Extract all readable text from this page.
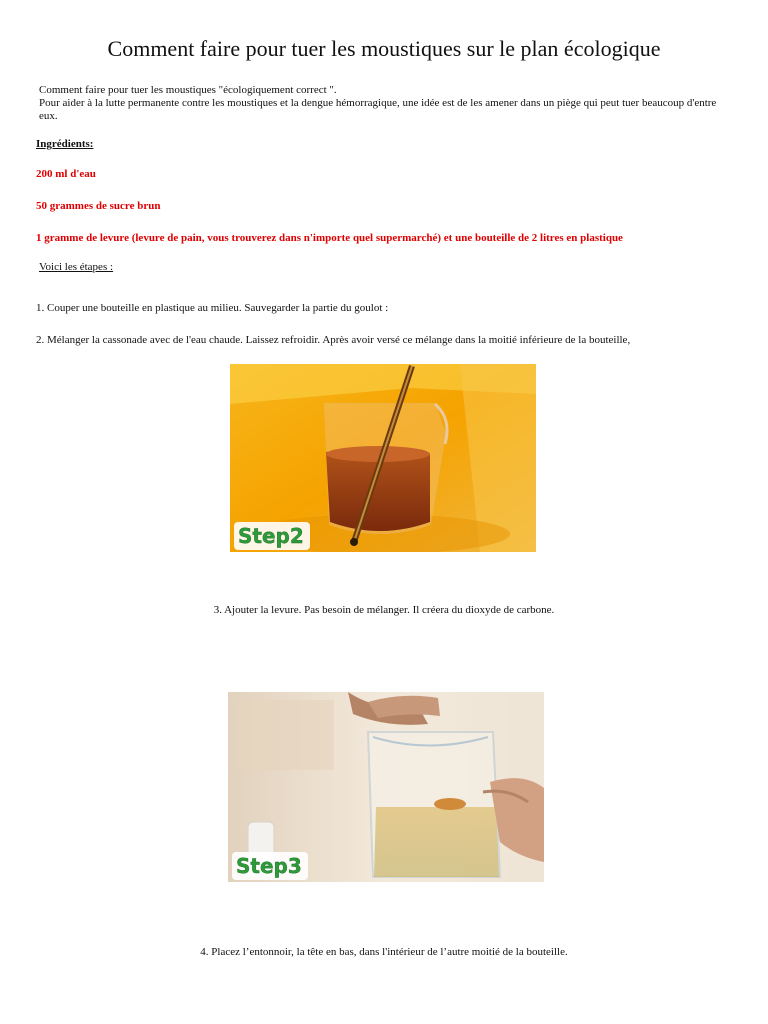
Comment faire pour tuer les moustiques sur le plan écologique
Comment faire pour tuer les moustiques "écologiquement correct ".
Pour aider à la lutte permanente contre les moustiques et la dengue hémorragique, une idée est de les amener dans un piège qui peut tuer beaucoup d'entre eux.
Ingrédients:
200 ml d'eau
50 grammes de sucre brun
1 gramme de levure (levure de pain, vous trouverez dans n'importe quel supermarché) et une bouteille de 2 litres en plastique
Voici les étapes :
1. Couper une bouteille en plastique au milieu. Sauvegarder la partie du goulot :
2. Mélanger la cassonade avec de l'eau chaude. Laissez refroidir. Après avoir versé ce mélange dans la moitié inférieure de la bouteille,
Step2
3. Ajouter la levure. Pas besoin de mélanger. Il créera du dioxyde de carbone.
Step3
4. Placez l’entonnoir, la tête en bas, dans l'intérieur de l’autre moitié de la bouteille.
